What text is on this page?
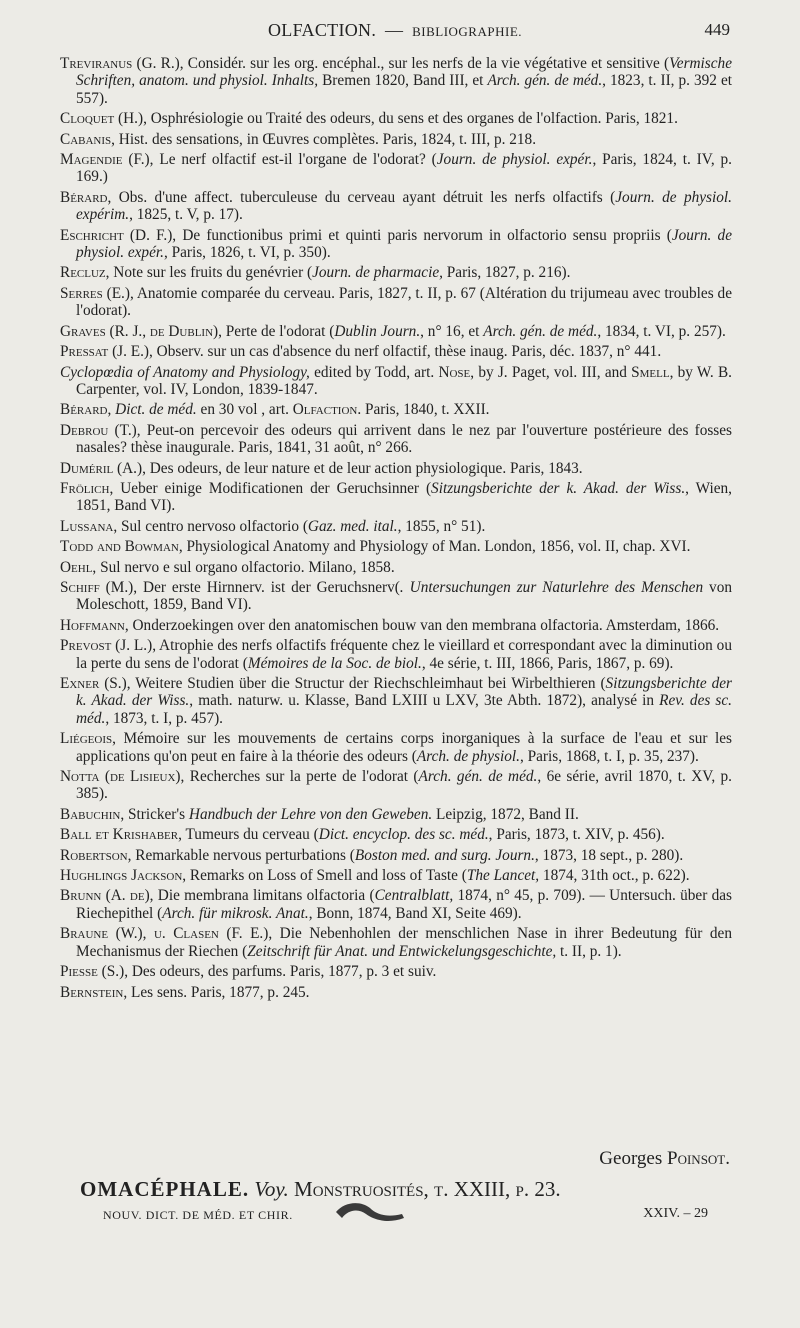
OLFACTION. — BIBLIOGRAPHIE.	449

Treviranus (G. R.), Considér. sur les org. encéphal., sur les nerfs de la vie végétative et sensitive (Vermische Schriften, anatom. und physiol. Inhalts, Bremen 1820, Band III, et Arch. gén. de méd., 1823, t. II, p. 392 et 557).

Cloquet (H.), Osphrésiologie ou Traité des odeurs, du sens et des organes de l'olfaction. Paris, 1821.

Cabanis, Hist. des sensations, in Œuvres complètes. Paris, 1824, t. III, p. 218.

Magendie (F.), Le nerf olfactif est-il l'organe de l'odorat? (Journ. de physiol. expér., Paris, 1824, t. IV, p. 169.)

Bérard, Obs. d'une affect. tuberculeuse du cerveau ayant détruit les nerfs olfactifs (Journ. de physiol. expérim., 1825, t. V, p. 17).

Eschricht (D. F.), De functionibus primi et quinti paris nervorum in olfactorio sensu propriis (Journ. de physiol. expér., Paris, 1826, t. VI, p. 350).

Recluz, Note sur les fruits du genévrier (Journ. de pharmacie, Paris, 1827, p. 216).

Serres (E.), Anatomie comparée du cerveau. Paris, 1827, t. II, p. 67 (Altération du trijumeau avec troubles de l'odorat).

Graves (R. J., de Dublin), Perte de l'odorat (Dublin Journ., n° 16, et Arch. gén. de méd., 1834, t. VI, p. 257).

Pressat (J. E.), Observ. sur un cas d'absence du nerf olfactif, thèse inaug. Paris, déc. 1837, n° 441.

Cyclopœdia of Anatomy and Physiology, edited by Todd, art. Nose, by J. Paget, vol. III, and Smell, by W. B. Carpenter, vol. IV, London, 1839-1847.

Bérard, Dict. de méd. en 30 vol , art. Olfaction. Paris, 1840, t. XXII.

Debrou (T.), Peut-on percevoir des odeurs qui arrivent dans le nez par l'ouverture postérieure des fosses nasales? thèse inaugurale. Paris, 1841, 31 août, n° 266.

Duméril (A.), Des odeurs, de leur nature et de leur action physiologique. Paris, 1843.

Frölich, Ueber einige Modificationen der Geruchsinner (Sitzungsberichte der k. Akad. der Wiss., Wien, 1851, Band VI).

Lussana, Sul centro nervoso olfactorio (Gaz. med. ital., 1855, n° 51).

Todd and Bowman, Physiological Anatomy and Physiology of Man. London, 1856, vol. II, chap. XVI.

Oehl, Sul nervo e sul organo olfactorio. Milano, 1858.

Schiff (M.), Der erste Hirnnerv. ist der Geruchsnerv(. Untersuchungen zur Naturlehre des Menschen von Moleschott, 1859, Band VI).

Hoffmann, Onderzoekingen over den anatomischen bouw van den membrana olfactoria. Amsterdam, 1866.

Prevost (J. L.), Atrophie des nerfs olfactifs fréquente chez le vieillard et correspondant avec la diminution ou la perte du sens de l'odorat (Mémoires de la Soc. de biol., 4e série, t. III, 1866, Paris, 1867, p. 69).

Exner (S.), Weitere Studien über die Structur der Riechschleimhaut bei Wirbelthieren (Sitzungsberichte der k. Akad. der Wiss., math. naturw. u. Klasse, Band LXIII u LXV, 3te Abth. 1872), analysé in Rev. des sc. méd., 1873, t. I, p. 457).

Liégeois, Mémoire sur les mouvements de certains corps inorganiques à la surface de l'eau et sur les applications qu'on peut en faire à la théorie des odeurs (Arch. de physiol., Paris, 1868, t. I, p. 35, 237).

Notta (de Lisieux), Recherches sur la perte de l'odorat (Arch. gén. de méd., 6e série, avril 1870, t. XV, p. 385).

Babuchin, Stricker's Handbuch der Lehre von den Geweben. Leipzig, 1872, Band II.

Ball et Krishaber, Tumeurs du cerveau (Dict. encyclop. des sc. méd., Paris, 1873, t. XIV, p. 456).

Robertson, Remarkable nervous perturbations (Boston med. and surg. Journ., 1873, 18 sept., p. 280).

Hughlings Jackson, Remarks on Loss of Smell and loss of Taste (The Lancet, 1874, 31th oct., p. 622).

Brunn (A. de), Die membrana limitans olfactoria (Centralblatt, 1874, n° 45, p. 709). — Untersuch. über das Riechepithel (Arch. für mikrosk. Anat., Bonn, 1874, Band XI, Seite 469).

Braune (W.), u. Clasen (F. E.), Die Nebenhohlen der menschlichen Nase in ihrer Bedeutung für den Mechanismus der Riechen (Zeitschrift für Anat. und Entwickelungsgeschichte, t. II, p. 1).

Piesse (S.), Des odeurs, des parfums. Paris, 1877, p. 3 et suiv.

Bernstein, Les sens. Paris, 1877, p. 245.

Georges Poinsot.
OMACÉPHALE. Voy. Monstruosités, t. XXIII, p. 23.
NOUV. DICT. DE MÉD. ET CHIR.	XXIV. – 29
